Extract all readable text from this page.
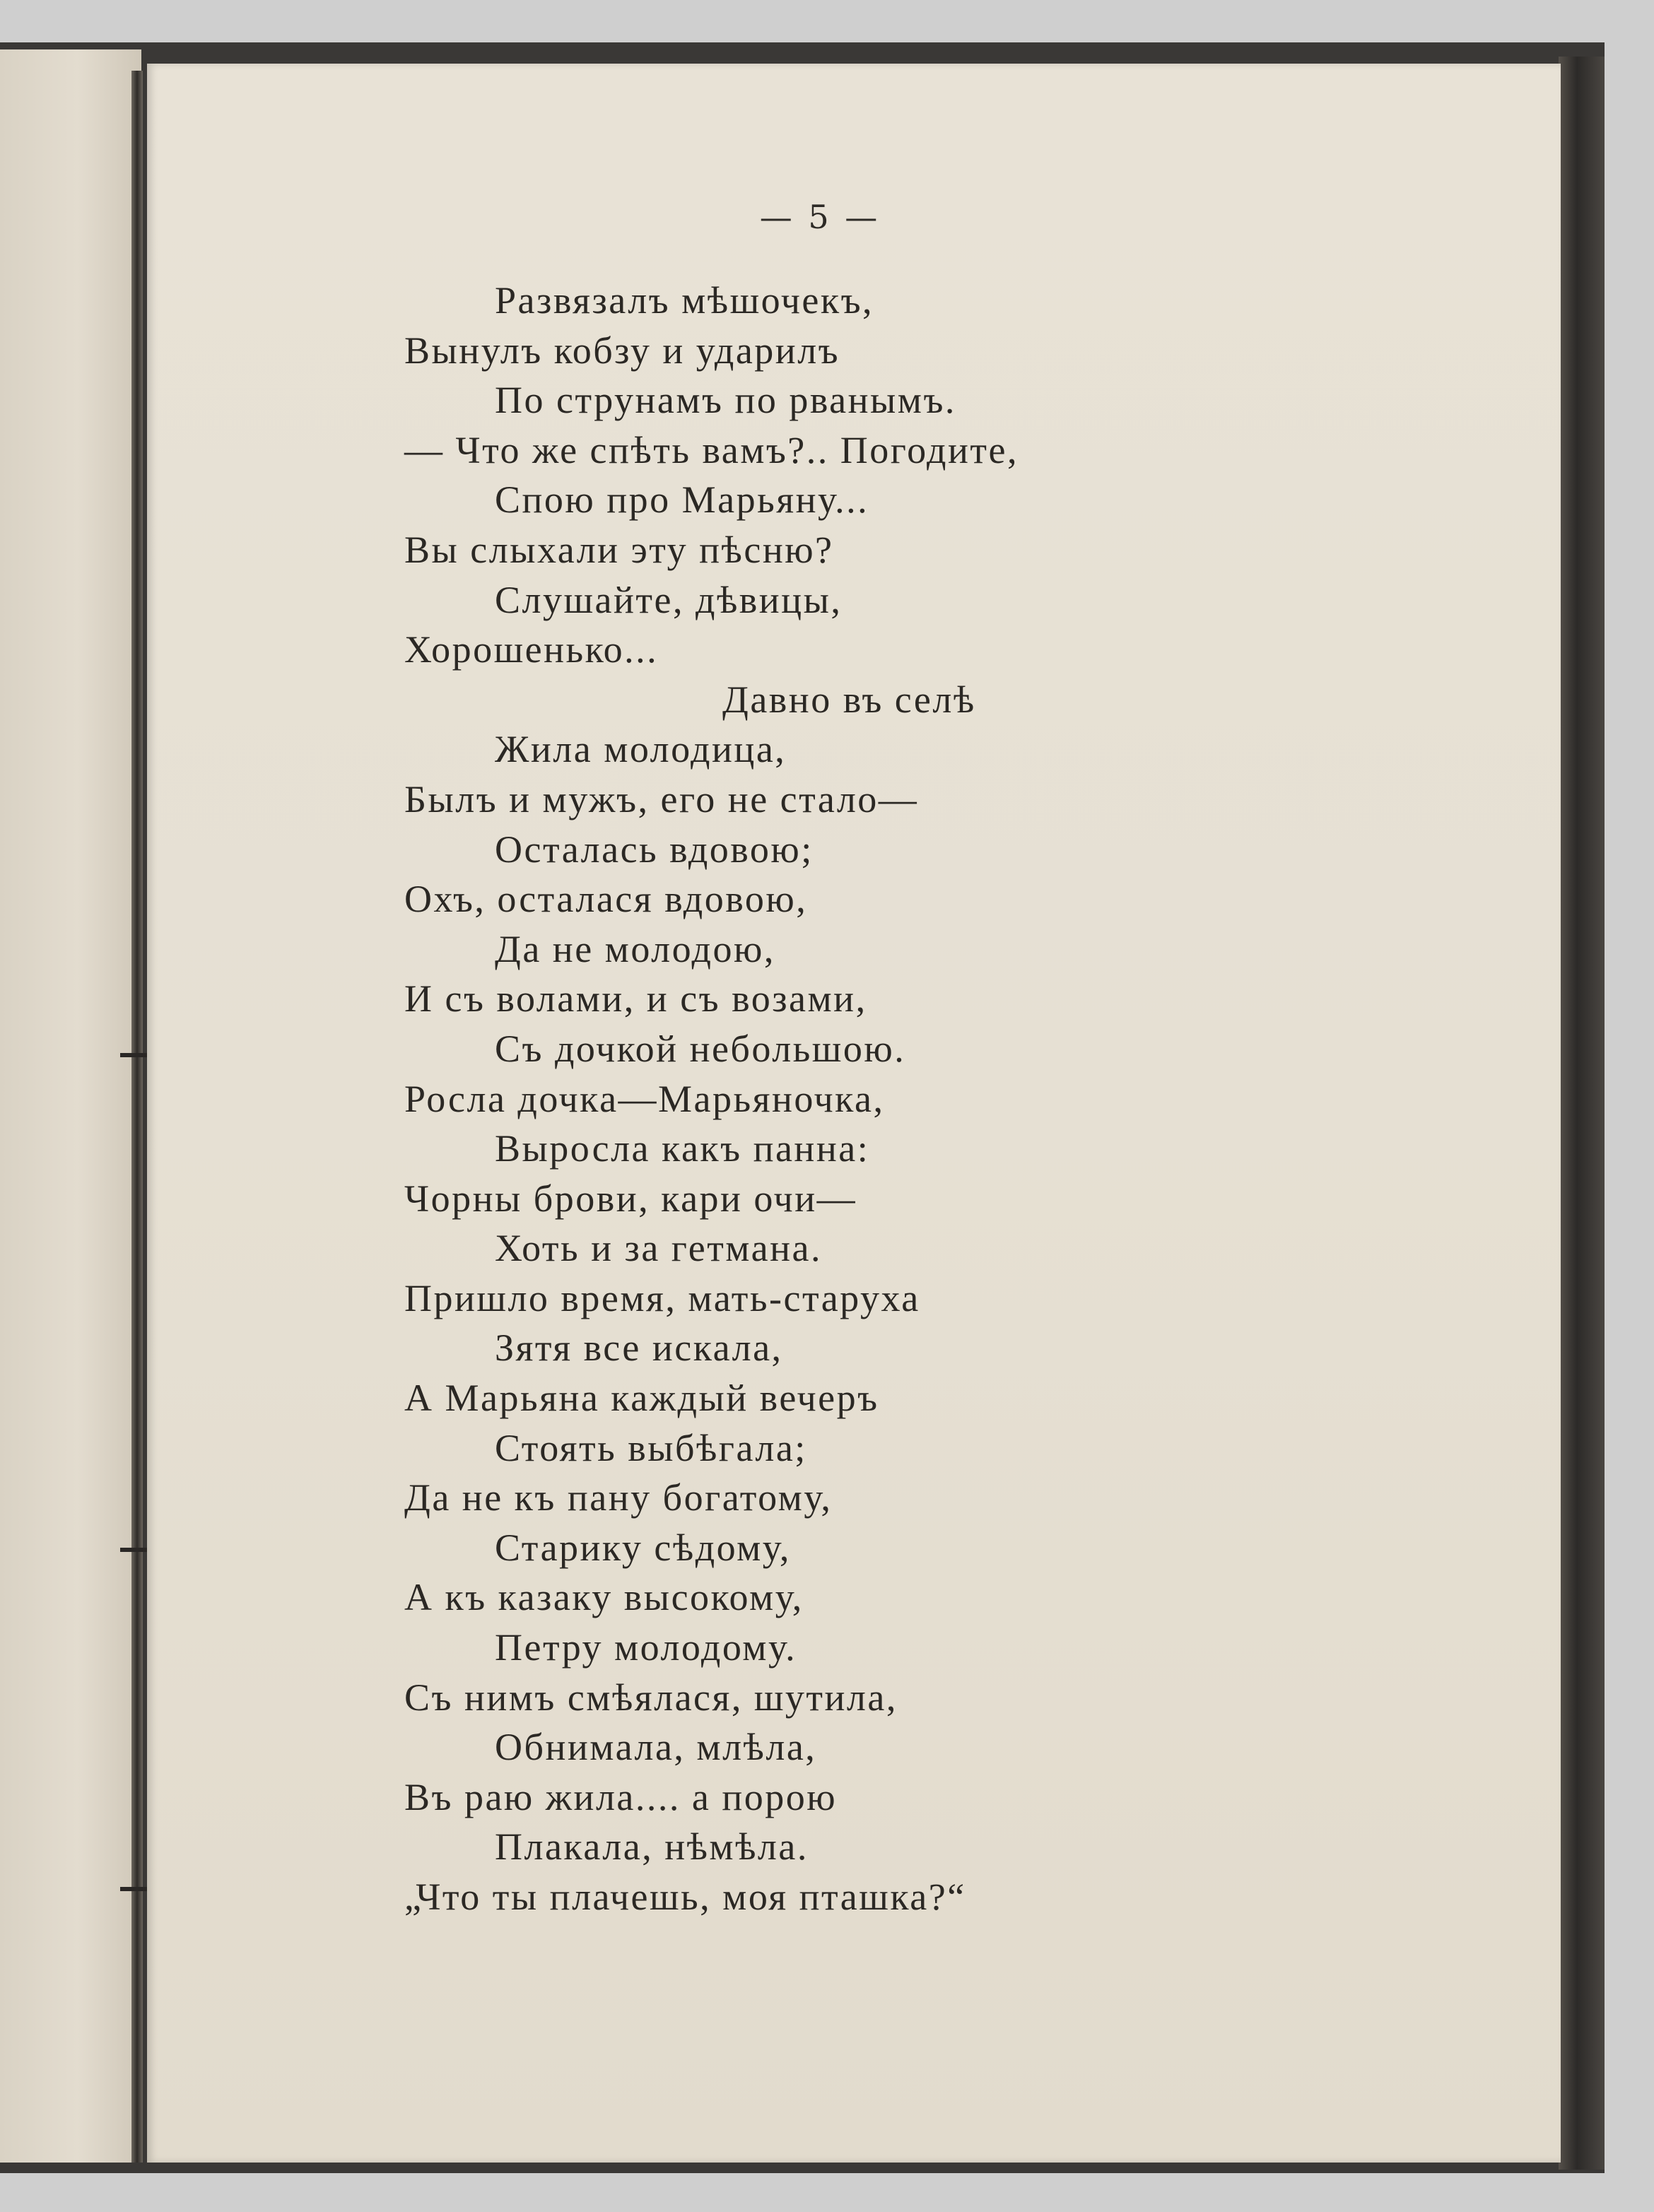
— 5 —
Развязалъ мѣшочекъ,
Вынулъ кобзу и ударилъ
По струнамъ по рванымъ.
— Что же спѣть вамъ?.. Погодите,
Спою про Марьяну...
Вы слыхали эту пѣсню?
Слушайте, дѣвицы,
Хорошенько...
Давно въ селѣ
Жила молодица,
Былъ и мужъ, его не стало—
Осталась вдовою;
Охъ, осталася вдовою,
Да не молодою,
И съ волами, и съ возами,
Съ дочкой небольшою.
Росла дочка—Марьяночка,
Выросла какъ панна:
Чорны брови, кари очи—
Хоть и за гетмана.
Пришло время, мать-старуха
Зятя все искала,
А Марьяна каждый вечеръ
Стоять выбѣгала;
Да не къ пану богатому,
Старику сѣдому,
А къ казаку высокому,
Петру молодому.
Съ нимъ смѣялася, шутила,
Обнимала, млѣла,
Въ раю жила.... а порою
Плакала, нѣмѣла.
„Что ты плачешь, моя пташка?“
